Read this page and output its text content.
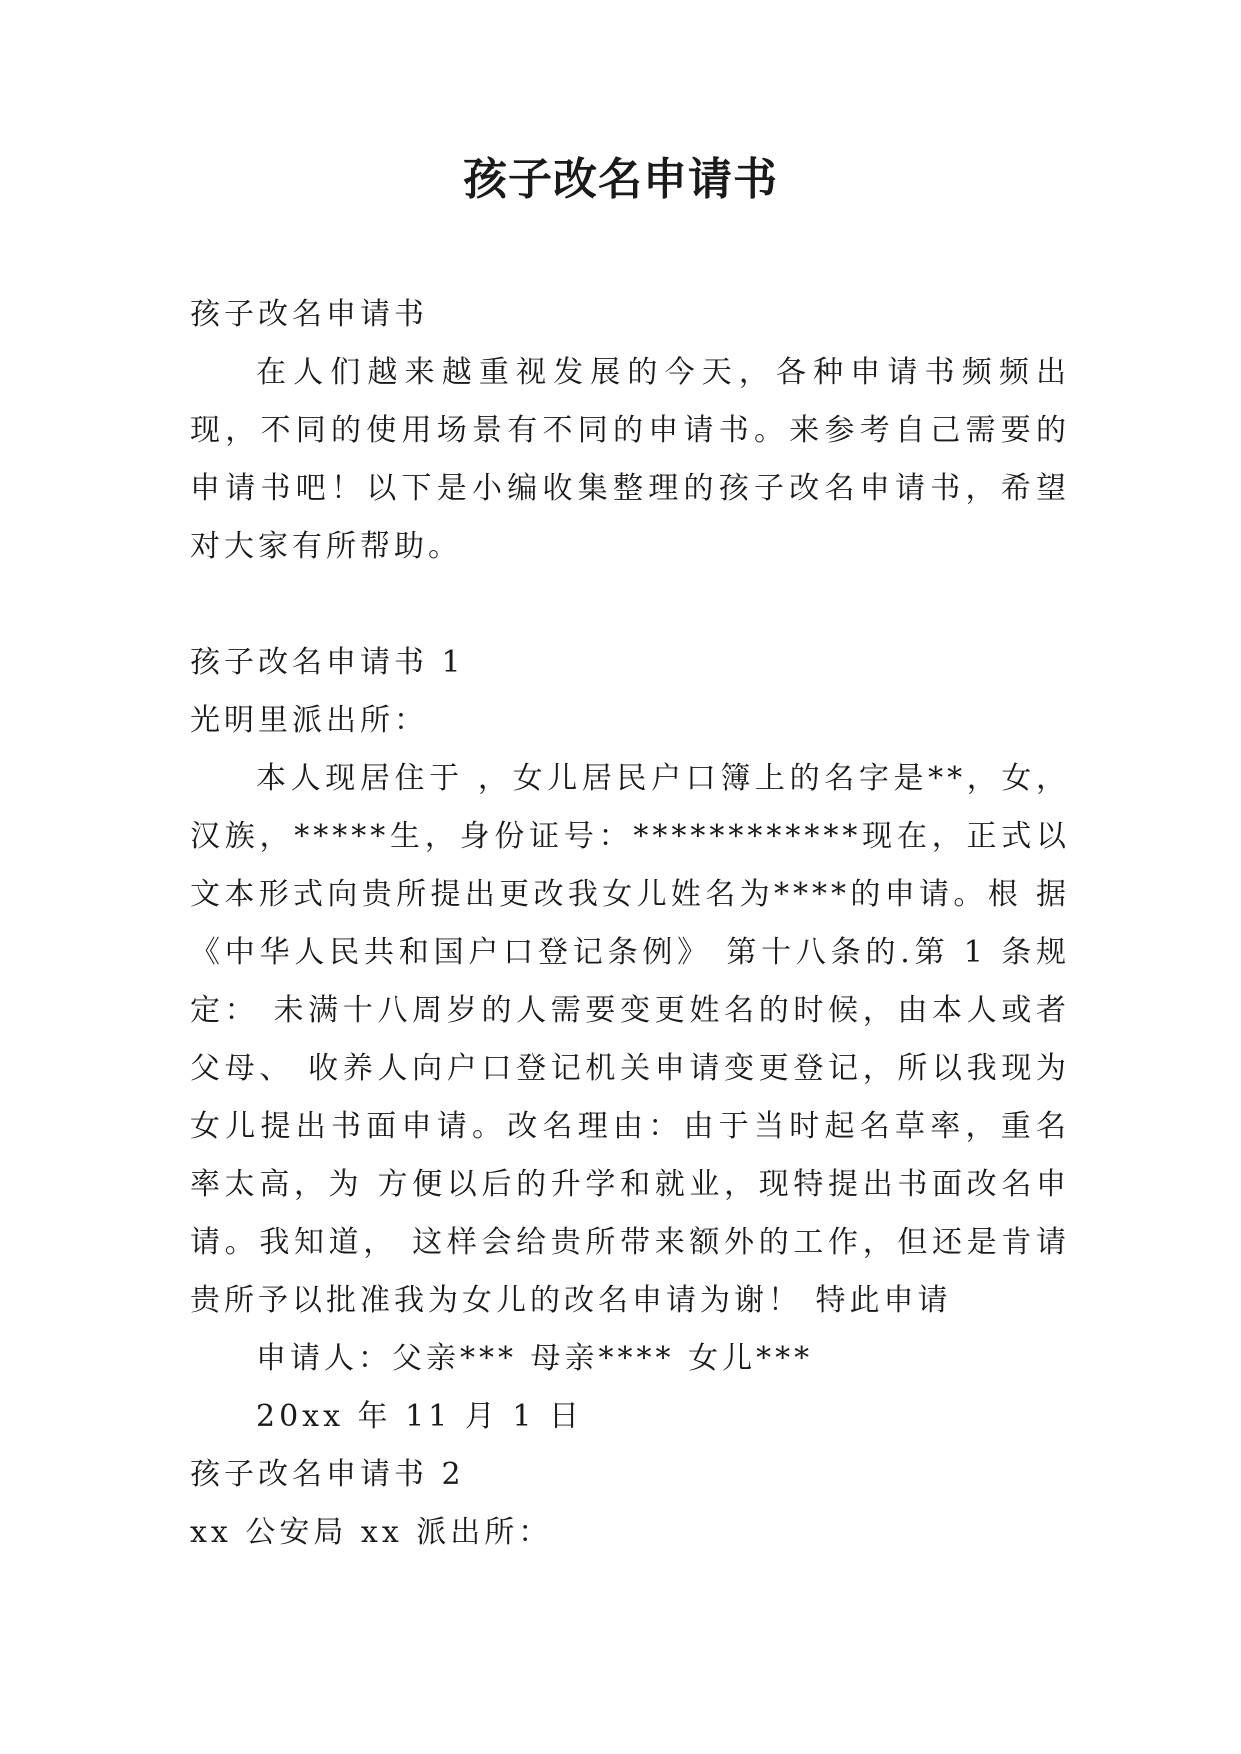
孩子改名申请书

孩子改名申请书

在人们越来越重视发展的今天，各种申请书频频出现，不同的使用场景有不同的申请书。来参考自己需要的申请书吧！以下是小编收集整理的孩子改名申请书，希望对大家有所帮助。

孩子改名申请书 1

光明里派出所：

本人现居住于 ，女儿居民户口簿上的名字是**，女，汉族，*****生，身份证号：************现在，正式以文本形式向贵所提出更改我女儿姓名为****的申请。根 据《中华人民共和国户口登记条例》 第十八条的.第 1 条规定： 未满十八周岁的人需要变更姓名的时候，由本人或者父母、 收养人向户口登记机关申请变更登记，所以我现为女儿提出书面申请。改名理由：由于当时起名草率，重名率太高，为 方便以后的升学和就业，现特提出书面改名申请。我知道， 这样会给贵所带来额外的工作，但还是肯请贵所予以批准我为女儿的改名申请为谢！ 特此申请

申请人：父亲*** 母亲**** 女儿***

20xx 年 11 月 1 日

孩子改名申请书 2

xx 公安局 xx 派出所：
